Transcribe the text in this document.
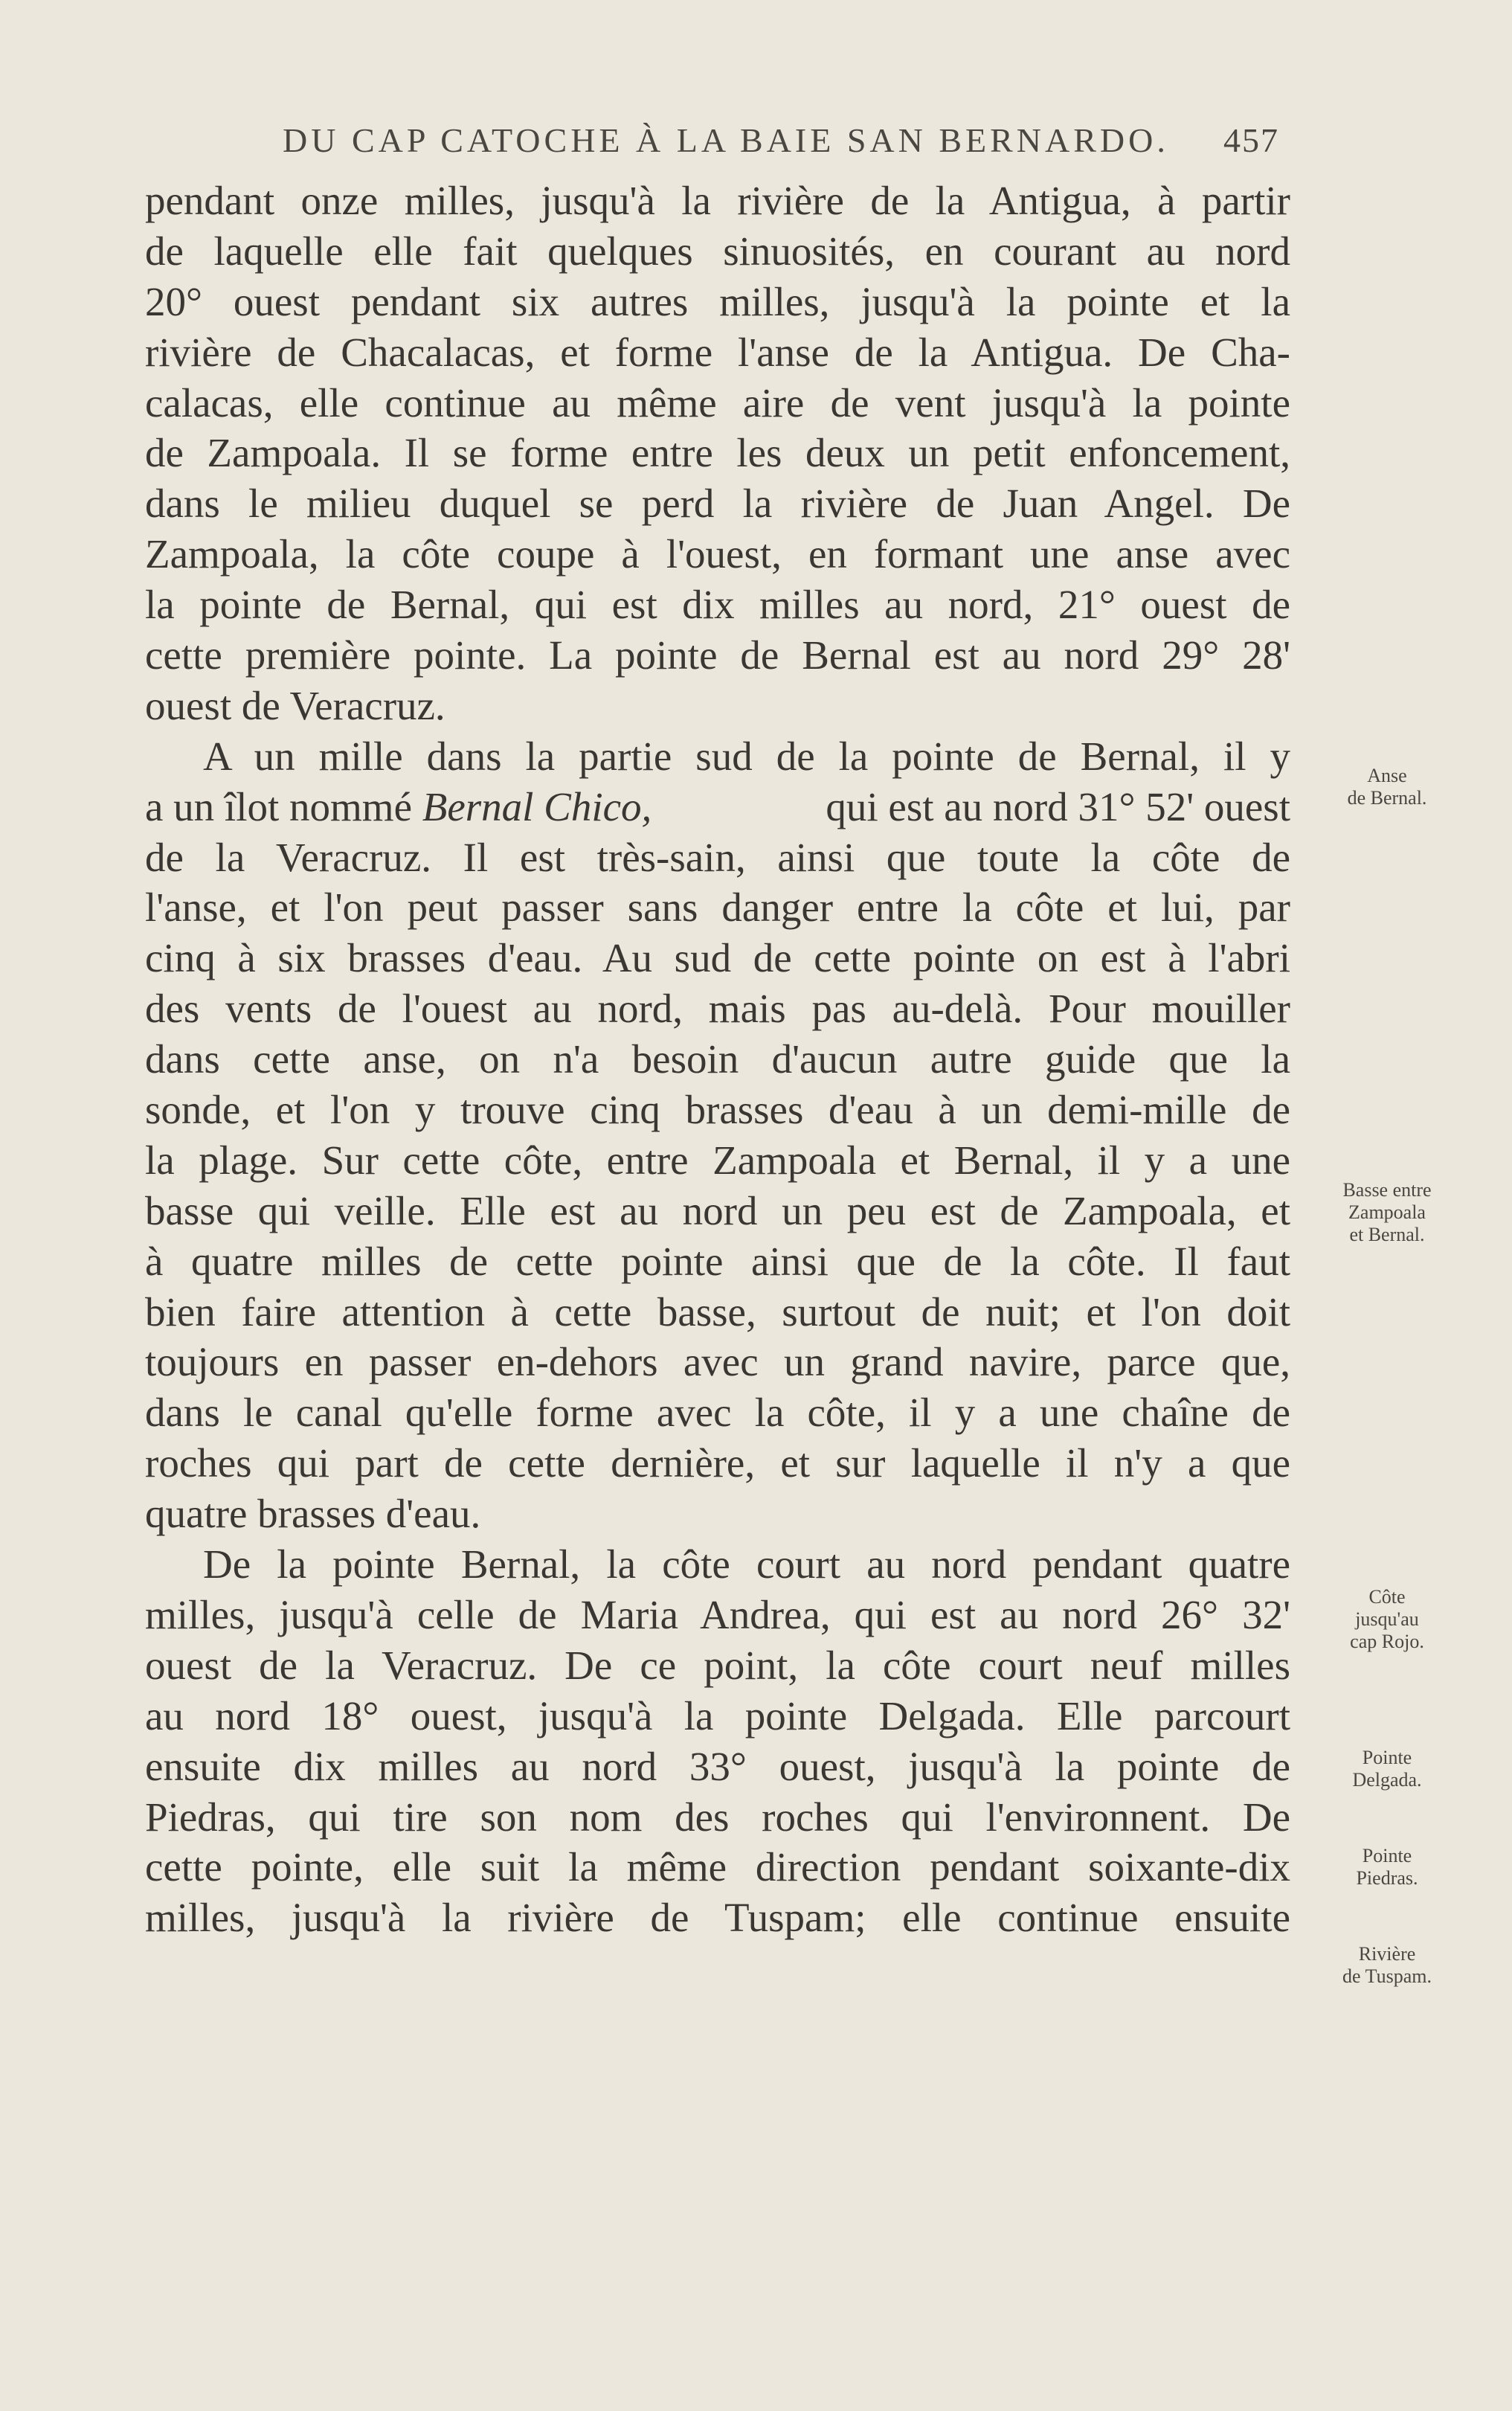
DU CAP CATOCHE À LA BAIE SAN BERNARDO. 457
pendant onze milles, jusqu'à la rivière de la Antigua, à partir
de laquelle elle fait quelques sinuosités, en courant au nord
20° ouest pendant six autres milles, jusqu'à la pointe et la
rivière de Chacalacas, et forme l'anse de la Antigua. De Cha-
calacas, elle continue au même aire de vent jusqu'à la pointe
de Zampoala. Il se forme entre les deux un petit enfoncement,
dans le milieu duquel se perd la rivière de Juan Angel. De
Zampoala, la côte coupe à l'ouest, en formant une anse avec
la pointe de Bernal, qui est dix milles au nord, 21° ouest de
cette première pointe. La pointe de Bernal est au nord 29° 28'
ouest de Veracruz.
A un mille dans la partie sud de la pointe de Bernal, il y
a un îlot nommé Bernal Chico,	qui est au nord 31° 52' ouest
de la Veracruz. Il est très-sain, ainsi que toute la côte de
l'anse, et l'on peut passer sans danger entre la côte et lui, par
cinq à six brasses d'eau. Au sud de cette pointe on est à l'abri
des vents de l'ouest au nord, mais pas au-delà. Pour mouiller
dans cette anse, on n'a besoin d'aucun autre guide que la
sonde, et l'on y trouve cinq brasses d'eau à un demi-mille de
la plage. Sur cette côte, entre Zampoala et Bernal, il y a une
basse qui veille. Elle est au nord un peu est de Zampoala, et
à quatre milles de cette pointe ainsi que de la côte. Il faut
bien faire attention à cette basse, surtout de nuit; et l'on doit
toujours en passer en-dehors avec un grand navire, parce que,
dans le canal qu'elle forme avec la côte, il y a une chaîne de
roches qui part de cette dernière, et sur laquelle il n'y a que
quatre brasses d'eau.
De la pointe Bernal, la côte court au nord pendant quatre
milles, jusqu'à celle de Maria Andrea, qui est au nord 26° 32'
ouest de la Veracruz. De ce point, la côte court neuf milles
au nord 18° ouest, jusqu'à la pointe Delgada. Elle parcourt
ensuite dix milles au nord 33° ouest, jusqu'à la pointe de
Piedras, qui tire son nom des roches qui l'environnent. De
cette pointe, elle suit la même direction pendant soixante-dix
milles, jusqu'à la rivière de Tuspam; elle continue ensuite
Anse
de Bernal.
Basse entre
Zampoala
et Bernal.
Côte
jusqu'au
cap Rojo.
Pointe
Delgada.
Pointe
Piedras.
Rivière
de Tuspam.
